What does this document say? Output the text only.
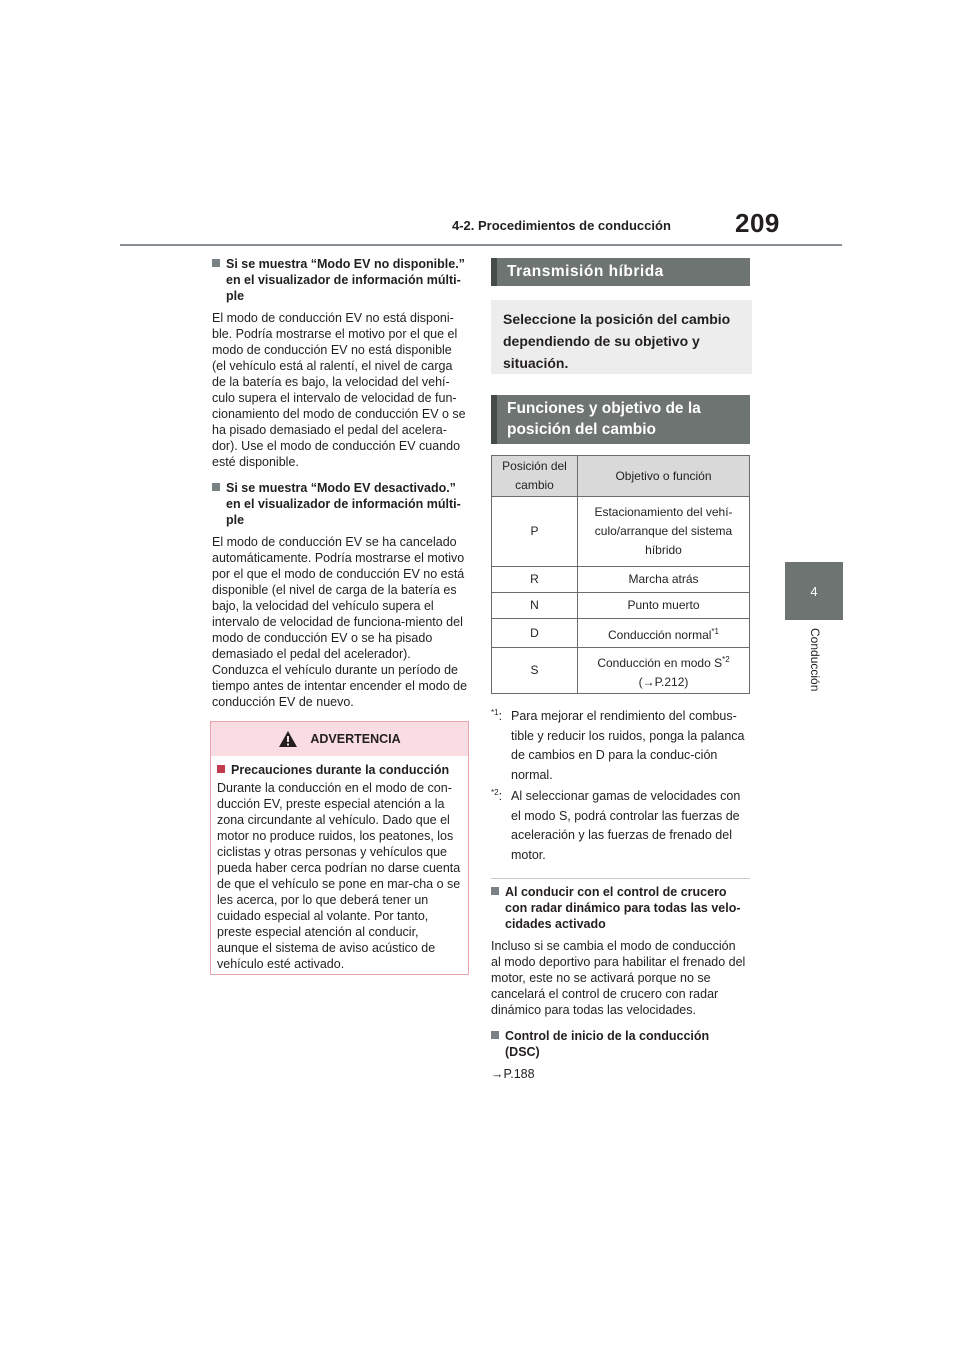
4-2. Procedimientos de conducción 209
4
Conducción

Si se muestra “Modo EV no disponible.” en el visualizador de información múlti-ple

El modo de conducción EV no está disponi-ble. Podría mostrarse el motivo por el que el modo de conducción EV no está disponible (el vehículo está al ralentí, el nivel de carga de la batería es bajo, la velocidad del vehí-culo supera el intervalo de velocidad de fun-cionamiento del modo de conducción EV o se ha pisado demasiado el pedal del acelera-dor). Use el modo de conducción EV cuando esté disponible.

Si se muestra “Modo EV desactivado.” en el visualizador de información múlti-ple

El modo de conducción EV se ha cancelado automáticamente. Podría mostrarse el motivo por el que el modo de conducción EV no está disponible (el nivel de carga de la batería es bajo, la velocidad del vehículo supera el intervalo de velocidad de funciona-miento del modo de conducción EV o se ha pisado demasiado el pedal del acelerador). Conduzca el vehículo durante un período de tiempo antes de intentar encender el modo de conducción EV de nuevo.

ADVERTENCIA

Precauciones durante la conducción

Durante la conducción en el modo de con-ducción EV, preste especial atención a la zona circundante al vehículo. Dado que el motor no produce ruidos, los peatones, los ciclistas y otras personas y vehículos que pueda haber cerca podrían no darse cuenta de que el vehículo se pone en mar-cha o se les acerca, por lo que deberá tener un cuidado especial al volante. Por tanto, preste especial atención al conducir, aunque el sistema de aviso acústico de vehículo esté activado.

Transmisión híbrida
Seleccione la posición del cambio dependiendo de su objetivo y situación.
Funciones y objetivo de la posición del cambio
Posición del cambio	Objetivo o función
P	Estacionamiento del vehí-culo/arranque del sistema híbrido
R	Marcha atrás
N	Punto muerto
D	Conducción normal$^{*1}$
S	Conducción en modo $S^{*2}$
(→P.212)
$^{*1}$: Para mejorar el rendimiento del combus-tible y reducir los ruidos, ponga la palanca de cambios en D para la conduc-ción normal.
$^{*2}$: Al seleccionar gamas de velocidades con el modo S, podrá controlar las fuerzas de aceleración y las fuerzas de frenado del motor.

Al conducir con el control de crucero con radar dinámico para todas las velo-cidades activado

Incluso si se cambia el modo de conducción al modo deportivo para habilitar el frenado del motor, este no se activará porque no se cancelará el control de crucero con radar dinámico para todas las velocidades.

Control de inicio de la conducción (DSC)

→P.188
